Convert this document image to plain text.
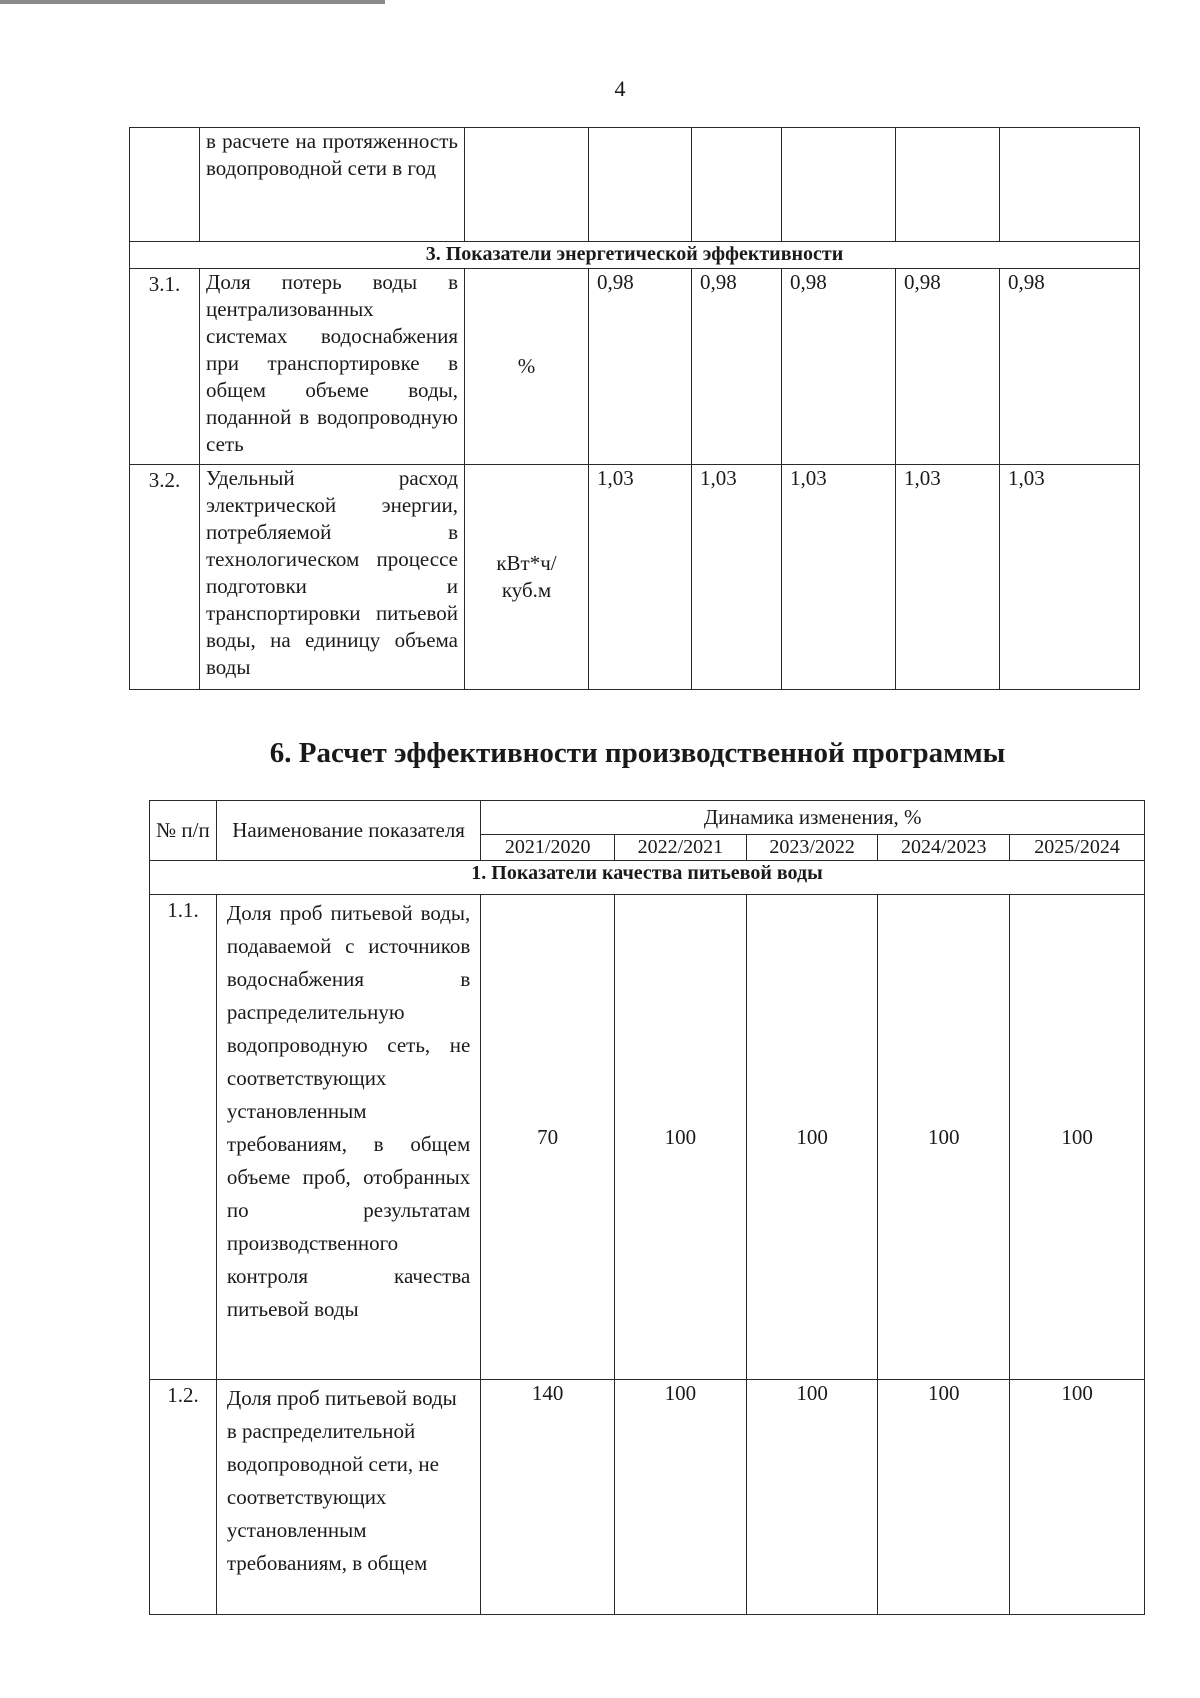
4
	в расчете на протяженность водопроводной сети в год						
3. Показатели энергетической эффективности							
3.1.	Доля потерь воды в централизованных системах водоснабжения при транспортировке в общем объеме воды, поданной в водопроводную сеть	%	0,98	0,98	0,98	0,98	0,98
3.2.	Удельный расход электрической энергии, потребляемой в технологическом процессе подготовки и транспортировки питьевой воды, на единицу объема воды	кВт*ч/ куб.м	1,03	1,03	1,03	1,03	1,03
6. Расчет эффективности производственной программы
№ п/п	Наименование показателя	Динамика изменения, %				
		2021/2020	2022/2021	2023/2022	2024/2023	2025/2024
1. Показатели качества питьевой воды						
1.1.	Доля проб питьевой воды, подаваемой с источников водоснабжения в распределительную водопроводную сеть, не соответствующих установленным требованиям, в общем объеме проб, отобранных по результатам производственного контроля качества питьевой воды	70	100	100	100	100
1.2.	Доля проб питьевой воды в распределительной водопроводной сети, не соответствующих установленным требованиям, в общем	140	100	100	100	100
